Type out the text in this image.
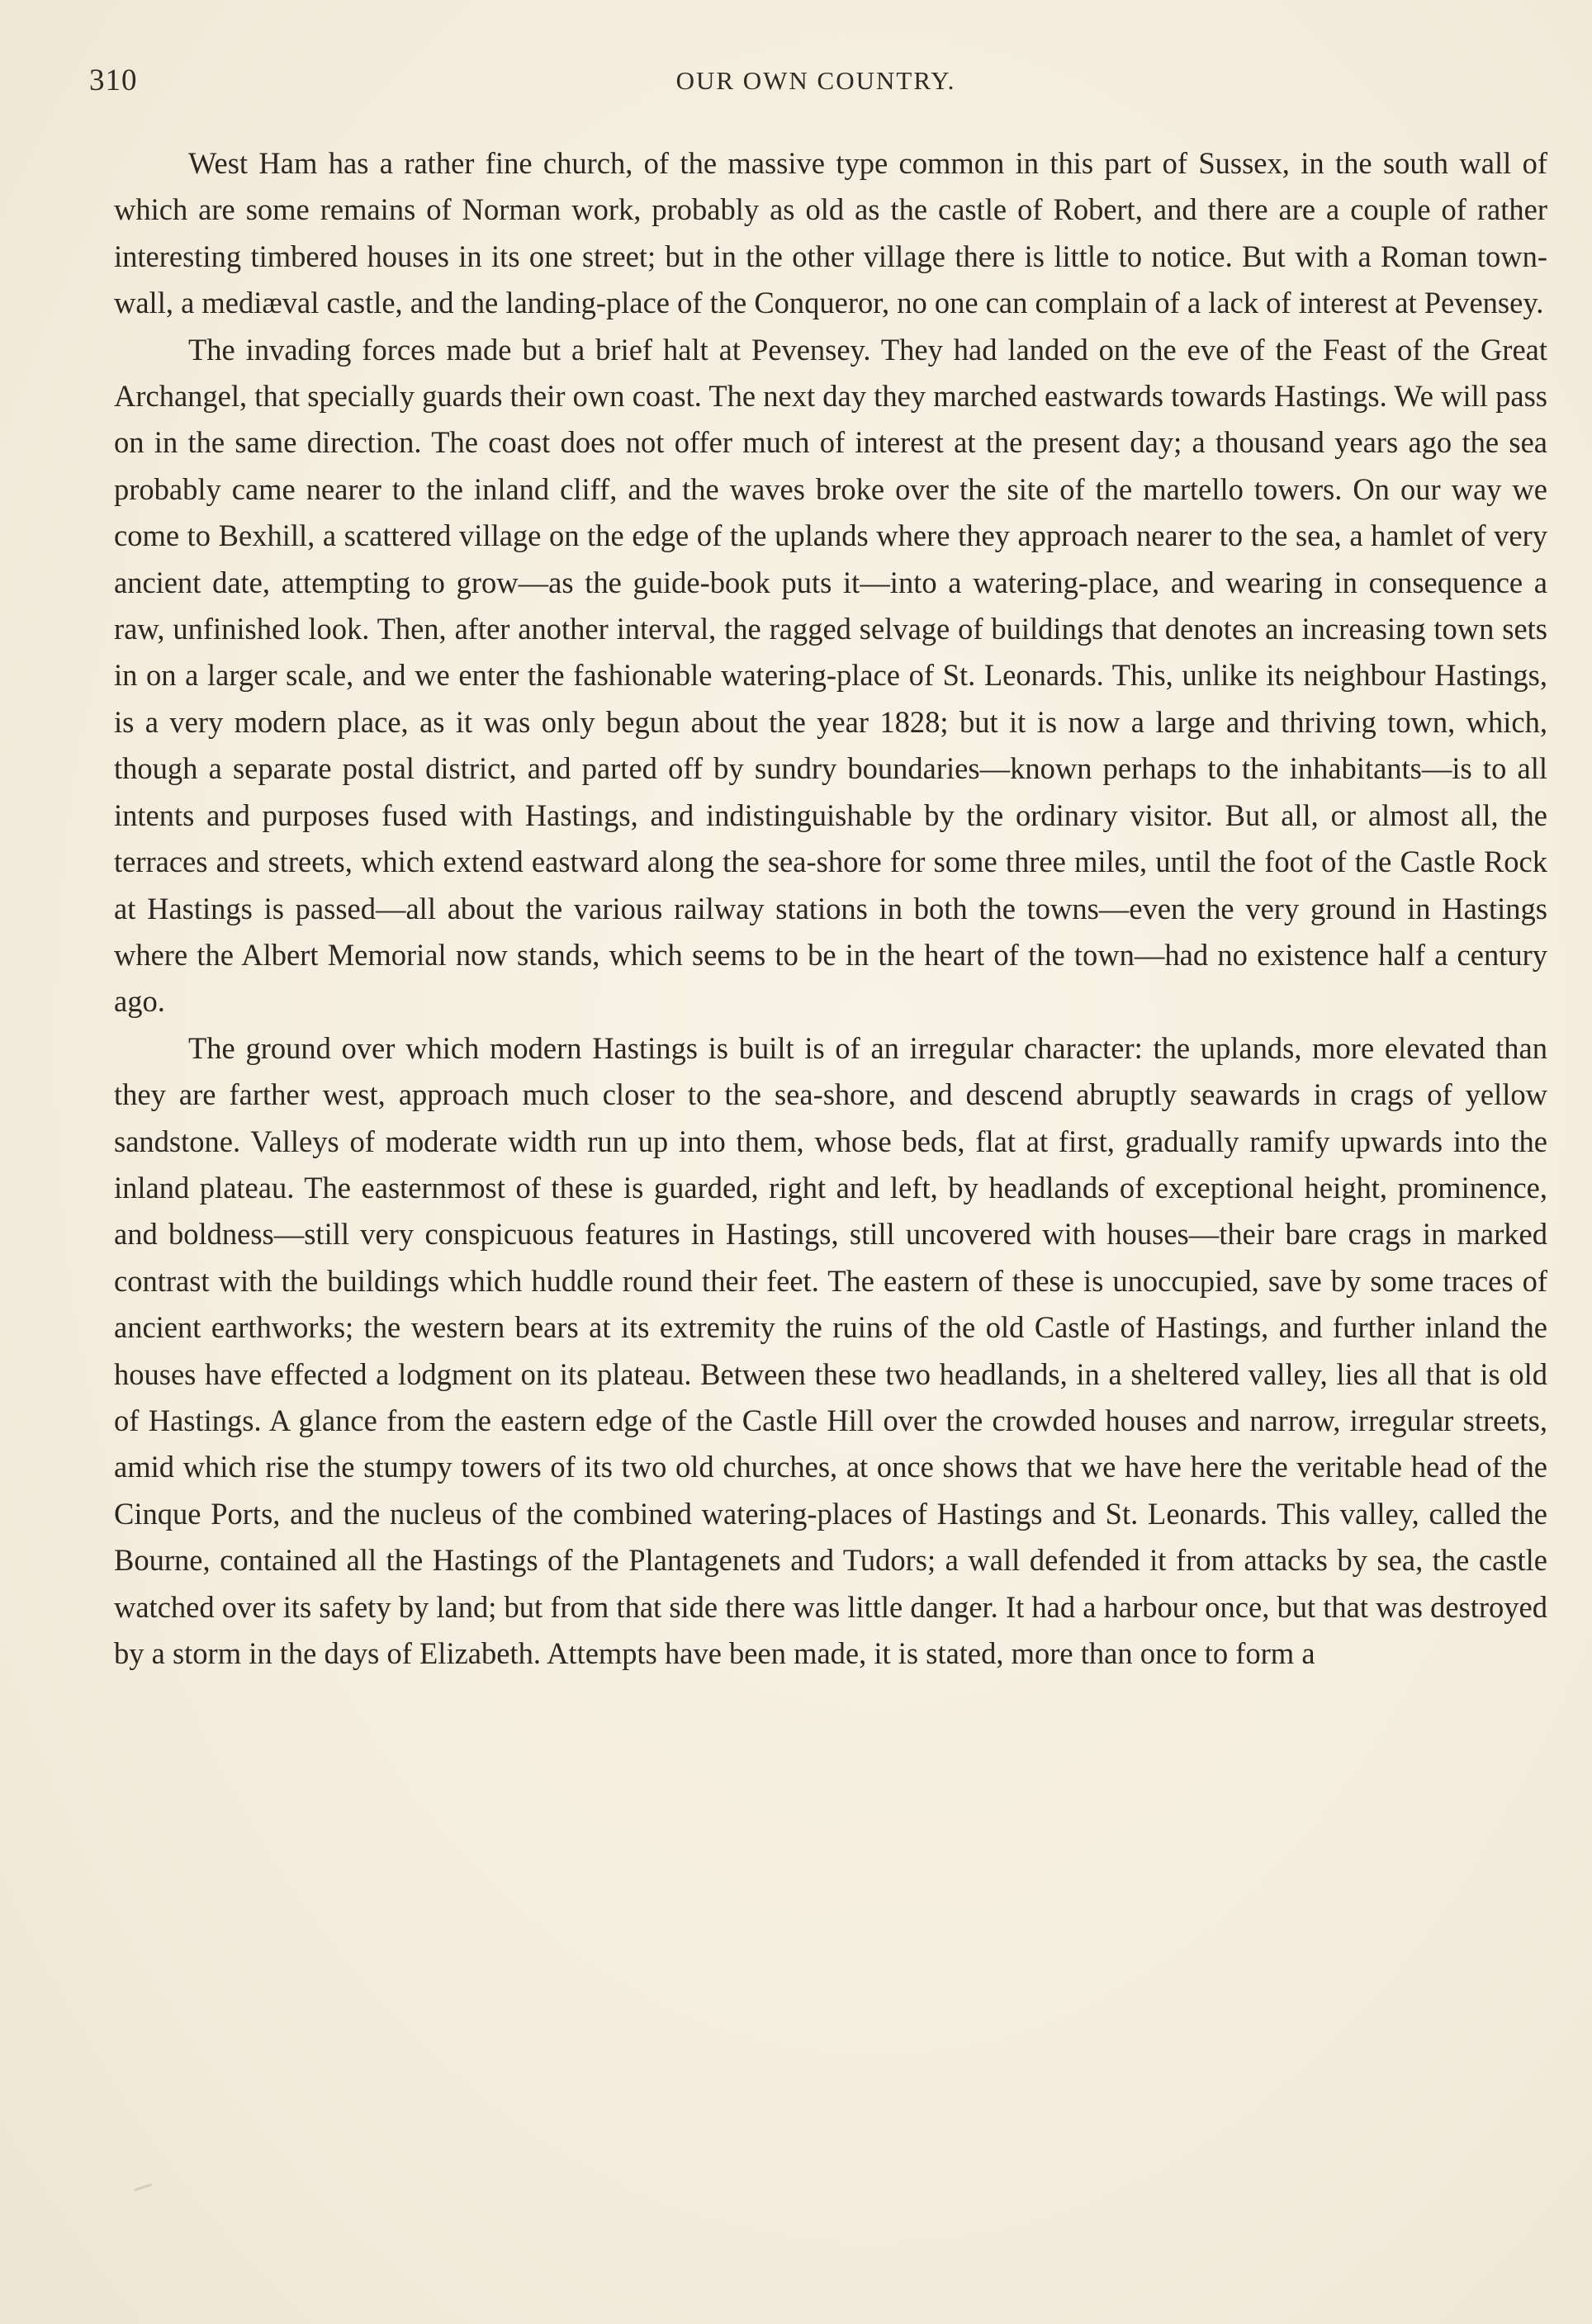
310	OUR OWN COUNTRY.

West Ham has a rather fine church, of the massive type common in this part of Sussex, in the south wall of which are some remains of Norman work, probably as old as the castle of Robert, and there are a couple of rather interesting timbered houses in its one street; but in the other village there is little to notice. But with a Roman town-wall, a mediæval castle, and the landing-place of the Conqueror, no one can complain of a lack of interest at Pevensey.

The invading forces made but a brief halt at Pevensey. They had landed on the eve of the Feast of the Great Archangel, that specially guards their own coast. The next day they marched eastwards towards Hastings. We will pass on in the same direction. The coast does not offer much of interest at the present day; a thousand years ago the sea probably came nearer to the inland cliff, and the waves broke over the site of the martello towers. On our way we come to Bexhill, a scattered village on the edge of the uplands where they approach nearer to the sea, a hamlet of very ancient date, attempting to grow—as the guide-book puts it—into a watering-place, and wearing in consequence a raw, unfinished look. Then, after another interval, the ragged selvage of buildings that denotes an increasing town sets in on a larger scale, and we enter the fashionable watering-place of St. Leonards. This, unlike its neighbour Hastings, is a very modern place, as it was only begun about the year 1828; but it is now a large and thriving town, which, though a separate postal district, and parted off by sundry boundaries—known perhaps to the inhabitants—is to all intents and purposes fused with Hastings, and indistinguishable by the ordinary visitor. But all, or almost all, the terraces and streets, which extend eastward along the sea-shore for some three miles, until the foot of the Castle Rock at Hastings is passed—all about the various railway stations in both the towns—even the very ground in Hastings where the Albert Memorial now stands, which seems to be in the heart of the town—had no existence half a century ago.

The ground over which modern Hastings is built is of an irregular character: the uplands, more elevated than they are farther west, approach much closer to the sea-shore, and descend abruptly seawards in crags of yellow sandstone. Valleys of moderate width run up into them, whose beds, flat at first, gradually ramify upwards into the inland plateau. The easternmost of these is guarded, right and left, by headlands of exceptional height, prominence, and boldness—still very conspicuous features in Hastings, still uncovered with houses—their bare crags in marked contrast with the buildings which huddle round their feet. The eastern of these is unoccupied, save by some traces of ancient earthworks; the western bears at its extremity the ruins of the old Castle of Hastings, and further inland the houses have effected a lodgment on its plateau. Between these two headlands, in a sheltered valley, lies all that is old of Hastings. A glance from the eastern edge of the Castle Hill over the crowded houses and narrow, irregular streets, amid which rise the stumpy towers of its two old churches, at once shows that we have here the veritable head of the Cinque Ports, and the nucleus of the combined watering-places of Hastings and St. Leonards. This valley, called the Bourne, contained all the Hastings of the Plantagenets and Tudors; a wall defended it from attacks by sea, the castle watched over its safety by land; but from that side there was little danger. It had a harbour once, but that was destroyed by a storm in the days of Elizabeth. Attempts have been made, it is stated, more than once to form a
